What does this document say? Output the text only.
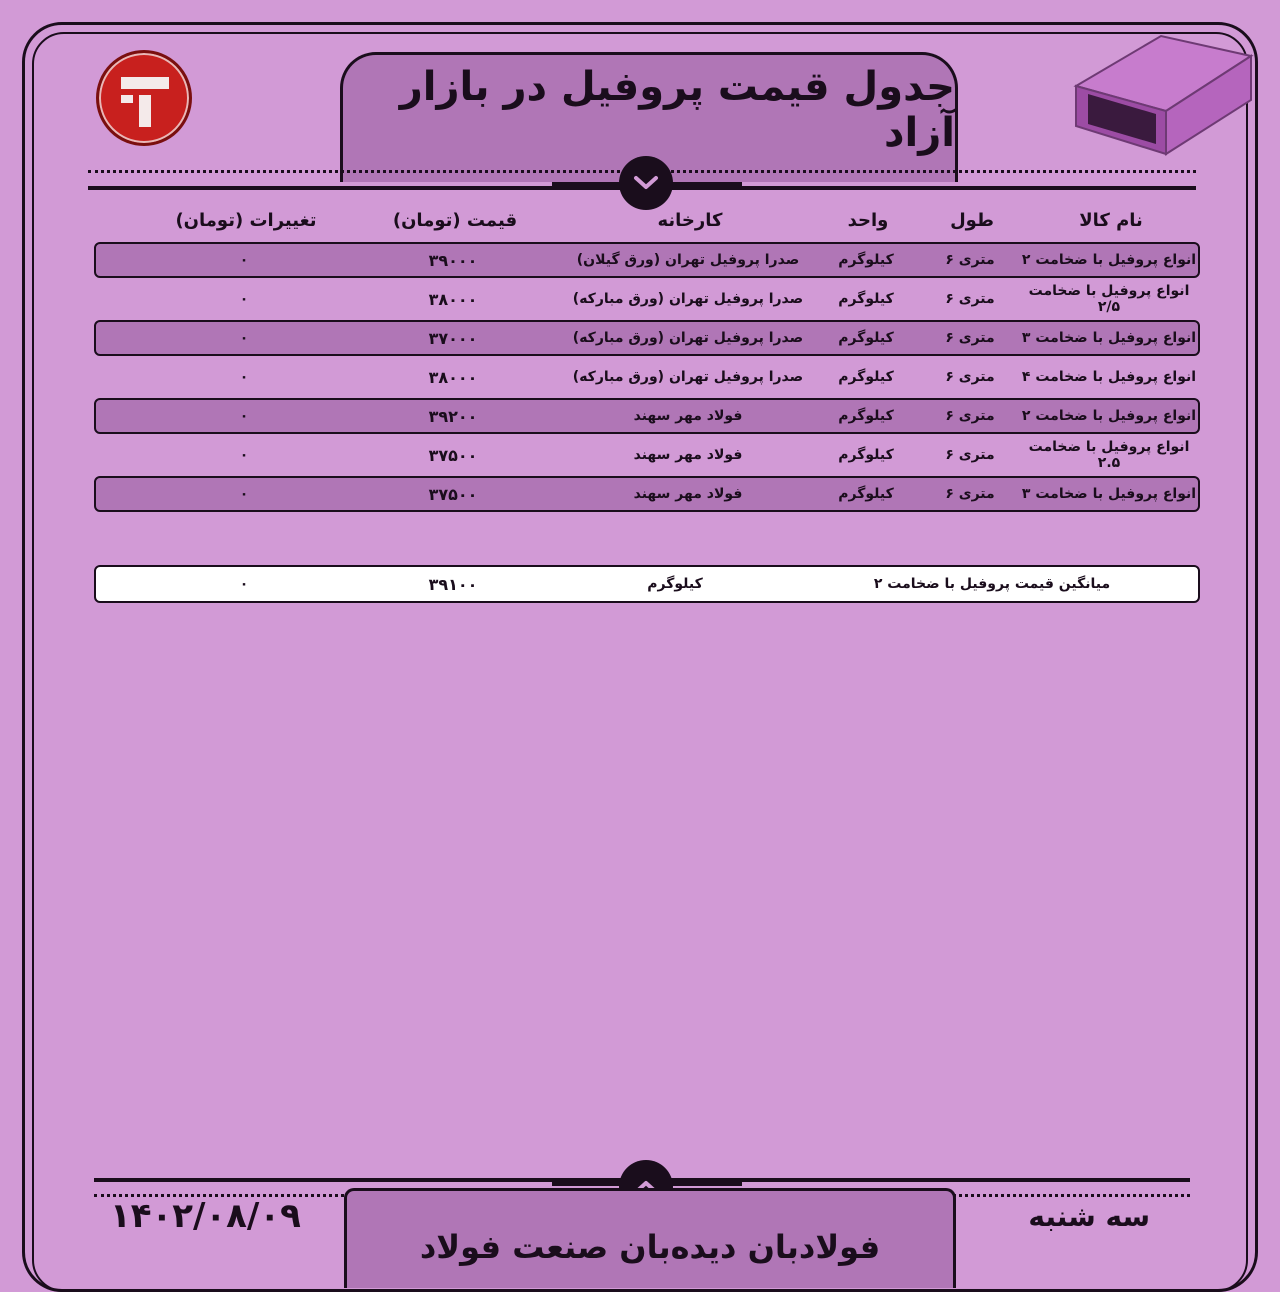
جدول قیمت پروفیل در بازار آزاد
نام کالا
طول
واحد
کارخانه
قیمت (تومان)
تغییرات (تومان)
انواع پروفیل با ضخامت ۲
متری ۶
کیلوگرم
صدرا پروفیل تهران (ورق گیلان)
۳۹۰۰۰
۰
انواع پروفیل با ضخامت ۲/۵
متری ۶
کیلوگرم
صدرا پروفیل تهران (ورق مبارکه)
۳۸۰۰۰
۰
انواع پروفیل با ضخامت ۳
متری ۶
کیلوگرم
صدرا پروفیل تهران (ورق مبارکه)
۳۷۰۰۰
۰
انواع پروفیل با ضخامت ۴
متری ۶
کیلوگرم
صدرا پروفیل تهران (ورق مبارکه)
۳۸۰۰۰
۰
انواع پروفیل با ضخامت ۲
متری ۶
کیلوگرم
فولاد مهر سهند
۳۹۲۰۰
۰
انواع پروفیل با ضخامت ۲.۵
متری ۶
کیلوگرم
فولاد مهر سهند
۳۷۵۰۰
۰
انواع پروفیل با ضخامت ۳
متری ۶
کیلوگرم
فولاد مهر سهند
۳۷۵۰۰
۰
میانگین قیمت پروفیل با ضخامت ۲
کیلوگرم
۳۹۱۰۰
۰
فولادبان دیده‌بان صنعت فولاد
۱۴۰۲/۰۸/۰۹	سه شنبه
